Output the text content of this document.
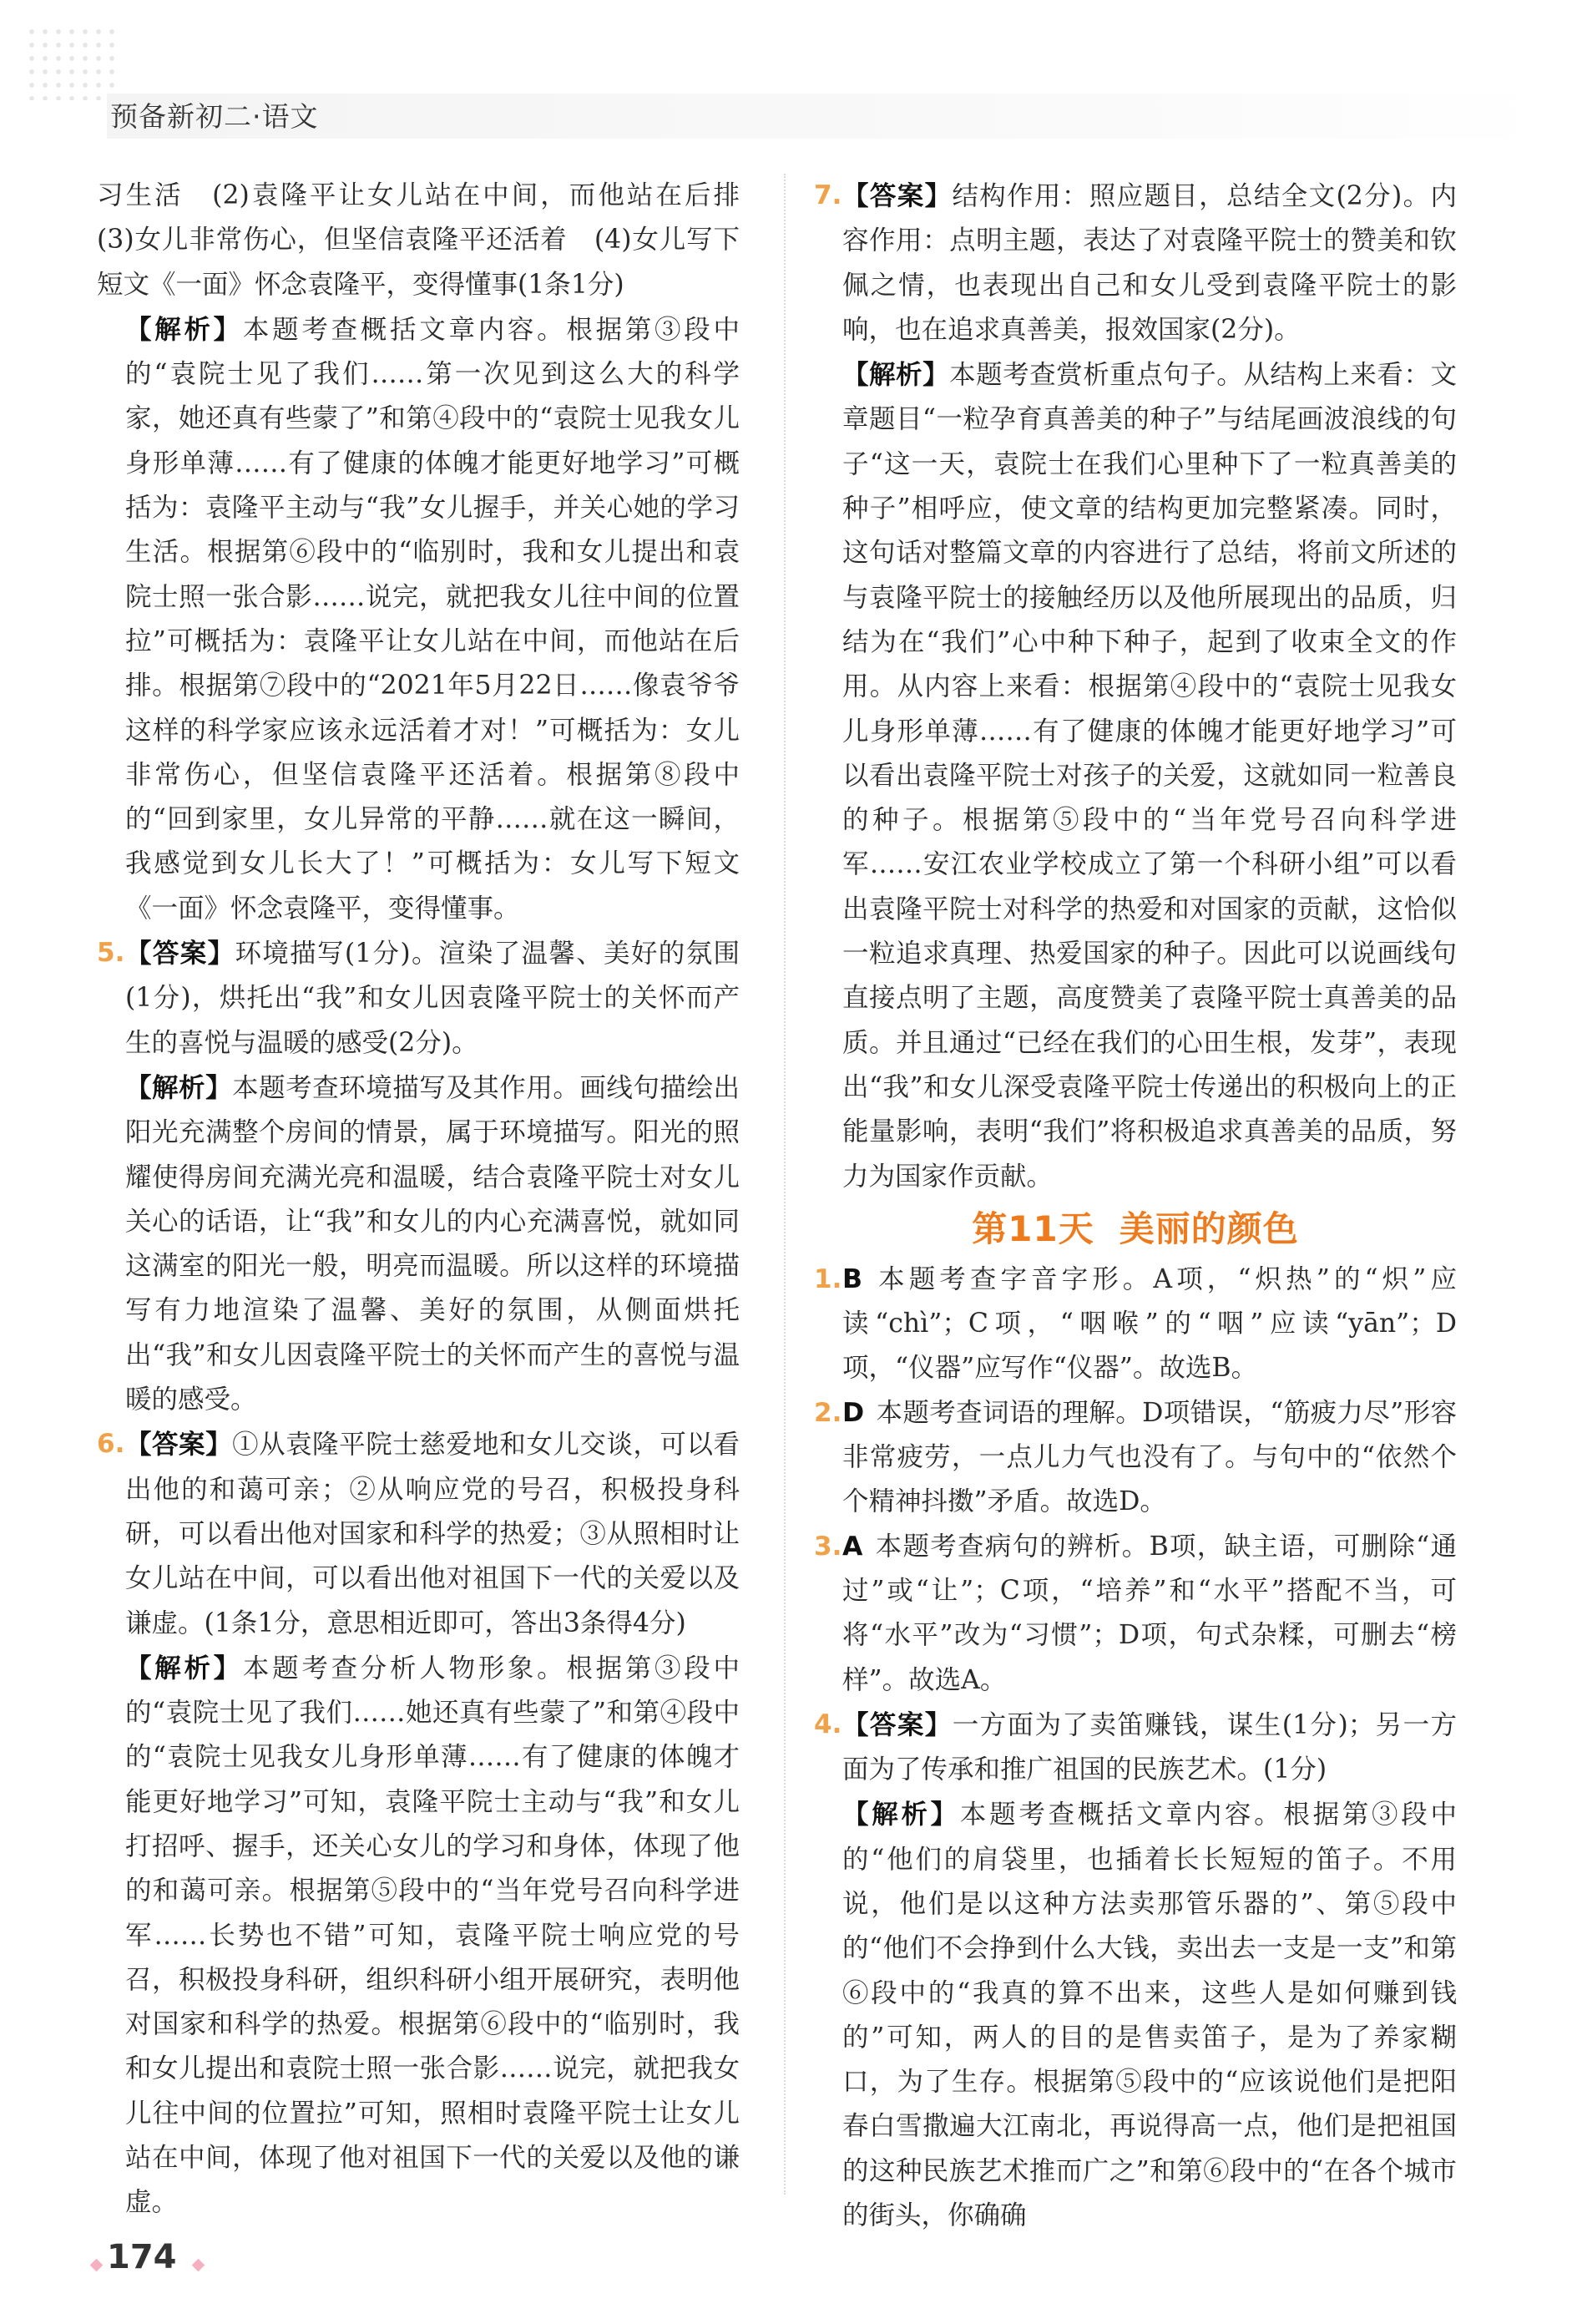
预备新初二·语文
习生活　(2)袁隆平让女儿站在中间，而他站在后排　(3)女儿非常伤心，但坚信袁隆平还活着　(4)女儿写下短文《一面》怀念袁隆平，变得懂事(1条1分)
【解析】本题考查概括文章内容。根据第③段中的“袁院士见了我们……第一次见到这么大的科学家，她还真有些蒙了”和第④段中的“袁院士见我女儿身形单薄……有了健康的体魄才能更好地学习”可概括为：袁隆平主动与“我”女儿握手，并关心她的学习生活。根据第⑥段中的“临别时，我和女儿提出和袁院士照一张合影……说完，就把我女儿往中间的位置拉”可概括为：袁隆平让女儿站在中间，而他站在后排。根据第⑦段中的“2021年5月22日……像袁爷爷这样的科学家应该永远活着才对！”可概括为：女儿非常伤心，但坚信袁隆平还活着。根据第⑧段中的“回到家里，女儿异常的平静……就在这一瞬间，我感觉到女儿长大了！”可概括为：女儿写下短文《一面》怀念袁隆平，变得懂事。
5. 【答案】环境描写(1分)。渲染了温馨、美好的氛围(1分)，烘托出“我”和女儿因袁隆平院士的关怀而产生的喜悦与温暖的感受(2分)。
【解析】本题考查环境描写及其作用。画线句描绘出阳光充满整个房间的情景，属于环境描写。阳光的照耀使得房间充满光亮和温暖，结合袁隆平院士对女儿关心的话语，让“我”和女儿的内心充满喜悦，就如同这满室的阳光一般，明亮而温暖。所以这样的环境描写有力地渲染了温馨、美好的氛围，从侧面烘托出“我”和女儿因袁隆平院士的关怀而产生的喜悦与温暖的感受。
6. 【答案】①从袁隆平院士慈爱地和女儿交谈，可以看出他的和蔼可亲；②从响应党的号召，积极投身科研，可以看出他对国家和科学的热爱；③从照相时让女儿站在中间，可以看出他对祖国下一代的关爱以及谦虚。(1条1分，意思相近即可，答出3条得4分)
【解析】本题考查分析人物形象。根据第③段中的“袁院士见了我们……她还真有些蒙了”和第④段中的“袁院士见我女儿身形单薄……有了健康的体魄才能更好地学习”可知，袁隆平院士主动与“我”和女儿打招呼、握手，还关心女儿的学习和身体，体现了他的和蔼可亲。根据第⑤段中的“当年党号召向科学进军……长势也不错”可知，袁隆平院士响应党的号召，积极投身科研，组织科研小组开展研究，表明他对国家和科学的热爱。根据第⑥段中的“临别时，我和女儿提出和袁院士照一张合影……说完，就把我女儿往中间的位置拉”可知，照相时袁隆平院士让女儿站在中间，体现了他对祖国下一代的关爱以及他的谦虚。
7. 【答案】结构作用：照应题目，总结全文(2分)。内容作用：点明主题，表达了对袁隆平院士的赞美和钦佩之情，也表现出自己和女儿受到袁隆平院士的影响，也在追求真善美，报效国家(2分)。
【解析】本题考查赏析重点句子。从结构上来看：文章题目“一粒孕育真善美的种子”与结尾画波浪线的句子“这一天，袁院士在我们心里种下了一粒真善美的种子”相呼应，使文章的结构更加完整紧凑。同时，这句话对整篇文章的内容进行了总结，将前文所述的与袁隆平院士的接触经历以及他所展现出的品质，归结为在“我们”心中种下种子，起到了收束全文的作用。从内容上来看：根据第④段中的“袁院士见我女儿身形单薄……有了健康的体魄才能更好地学习”可以看出袁隆平院士对孩子的关爱，这就如同一粒善良的种子。根据第⑤段中的“当年党号召向科学进军……安江农业学校成立了第一个科研小组”可以看出袁隆平院士对科学的热爱和对国家的贡献，这恰似一粒追求真理、热爱国家的种子。因此可以说画线句直接点明了主题，高度赞美了袁隆平院士真善美的品质。并且通过“已经在我们的心田生根，发芽”，表现出“我”和女儿深受袁隆平院士传递出的积极向上的正能量影响，表明“我们”将积极追求真善美的品质，努力为国家作贡献。
第11天 美丽的颜色
1. B 本题考查字音字形。A项，“炽热”的“炽”应读“chì”；C项，“咽喉”的“咽”应读“yān”；D项，“仪器”应写作“仪器”。故选B。
2. D 本题考查词语的理解。D项错误，“筋疲力尽”形容非常疲劳，一点儿力气也没有了。与句中的“依然个个精神抖擞”矛盾。故选D。
3. A 本题考查病句的辨析。B项，缺主语，可删除“通过”或“让”；C项，“培养”和“水平”搭配不当，可将“水平”改为“习惯”；D项，句式杂糅，可删去“榜样”。故选A。
4. 【答案】一方面为了卖笛赚钱，谋生(1分)；另一方面为了传承和推广祖国的民族艺术。(1分)
【解析】本题考查概括文章内容。根据第③段中的“他们的肩袋里，也插着长长短短的笛子。不用说，他们是以这种方法卖那管乐器的”、第⑤段中的“他们不会挣到什么大钱，卖出去一支是一支”和第⑥段中的“我真的算不出来，这些人是如何赚到钱的”可知，两人的目的是售卖笛子，是为了养家糊口，为了生存。根据第⑤段中的“应该说他们是把阳春白雪撒遍大江南北，再说得高一点，他们是把祖国的这种民族艺术推而广之”和第⑥段中的“在各个城市的街头，你确确
174
